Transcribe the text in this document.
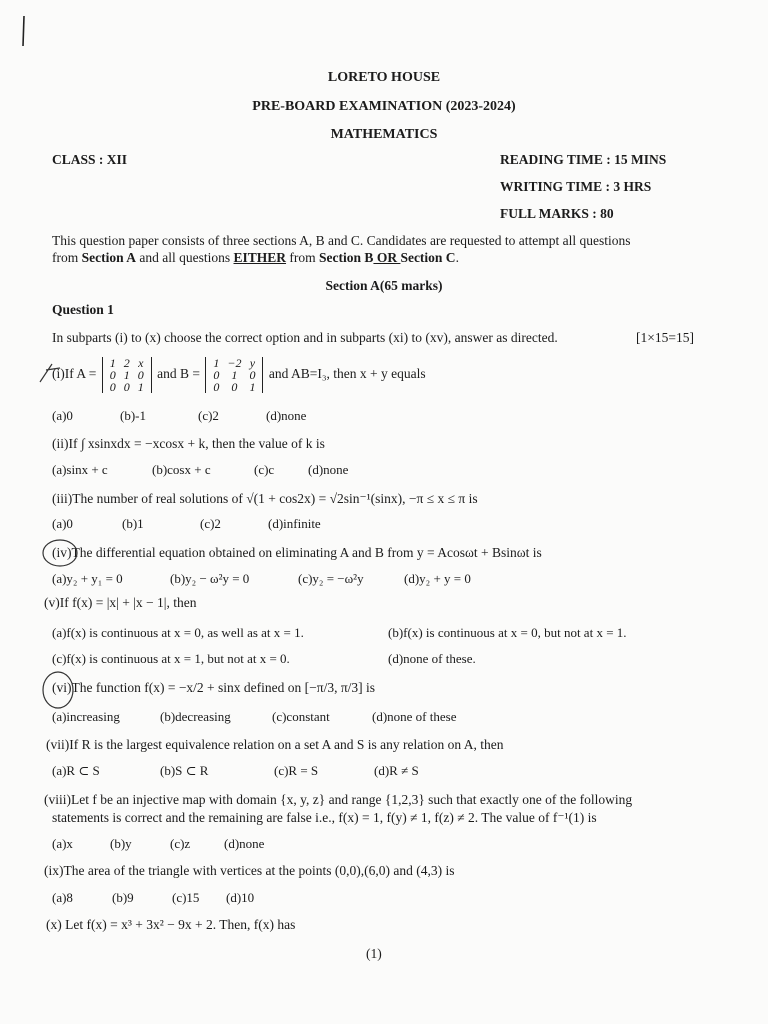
LORETO HOUSE
PRE-BOARD EXAMINATION (2023-2024)
MATHEMATICS
CLASS : XII	READING TIME : 15 MINS
WRITING TIME : 3 HRS
FULL MARKS : 80
This question paper consists of three sections A, B and C. Candidates are requested to attempt all questions
from Section A and all questions EITHER from Section B OR Section C.
Section A(65 marks)
Question 1
In subparts (i) to (x) choose the correct option and in subparts (xi) to (xv), answer as directed.	[1×15=15]
(i)If A =
1	2	x
0	1	0
0	0	1
and B =
1	−2	y
0	1	0
0	0	1
and AB=I₃, then x + y equals
(a)0	(b)-1	(c)2	(d)none
(ii)If ∫ xsinxdx = −xcosx + k, then the value of k is
(a)sinx + c	(b)cosx + c	(c)c	(d)none
(iii)The number of real solutions of √(1 + cos2x) = √2sin⁻¹(sinx), −π ≤ x ≤ π is
(a)0	(b)1	(c)2	(d)infinite
(iv)The differential equation obtained on eliminating A and B from y = Acosωt + Bsinωt is
(a)y₂ + y₁ = 0	(b)y₂ − ω²y = 0	(c)y₂ = −ω²y	(d)y₂ + y = 0
(v)If f(x) = |x| + |x − 1|, then
(a)f(x) is continuous at x = 0, as well as at x = 1.	(b)f(x) is continuous at x = 0, but not at x = 1.
(c)f(x) is continuous at x = 1, but not at x = 0.	(d)none of these.
(vi)The function f(x) = −x/2 + sinx defined on [−π/3, π/3] is
(a)increasing	(b)decreasing	(c)constant	(d)none of these
(vii)If R is the largest equivalence relation on a set A and S is any relation on A, then
(a)R ⊂ S	(b)S ⊂ R	(c)R = S	(d)R ≠ S
(viii)Let f be an injective map with domain {x, y, z} and range {1,2,3} such that exactly one of the following
statements is correct and the remaining are false i.e., f(x) = 1, f(y) ≠ 1, f(z) ≠ 2. The value of f⁻¹(1) is
(a)x	(b)y	(c)z	(d)none
(ix)The area of the triangle with vertices at the points (0,0),(6,0) and (4,3) is
(a)8	(b)9	(c)15 (d)10
(x) Let f(x) = x³ + 3x² − 9x + 2. Then, f(x) has
(1)
